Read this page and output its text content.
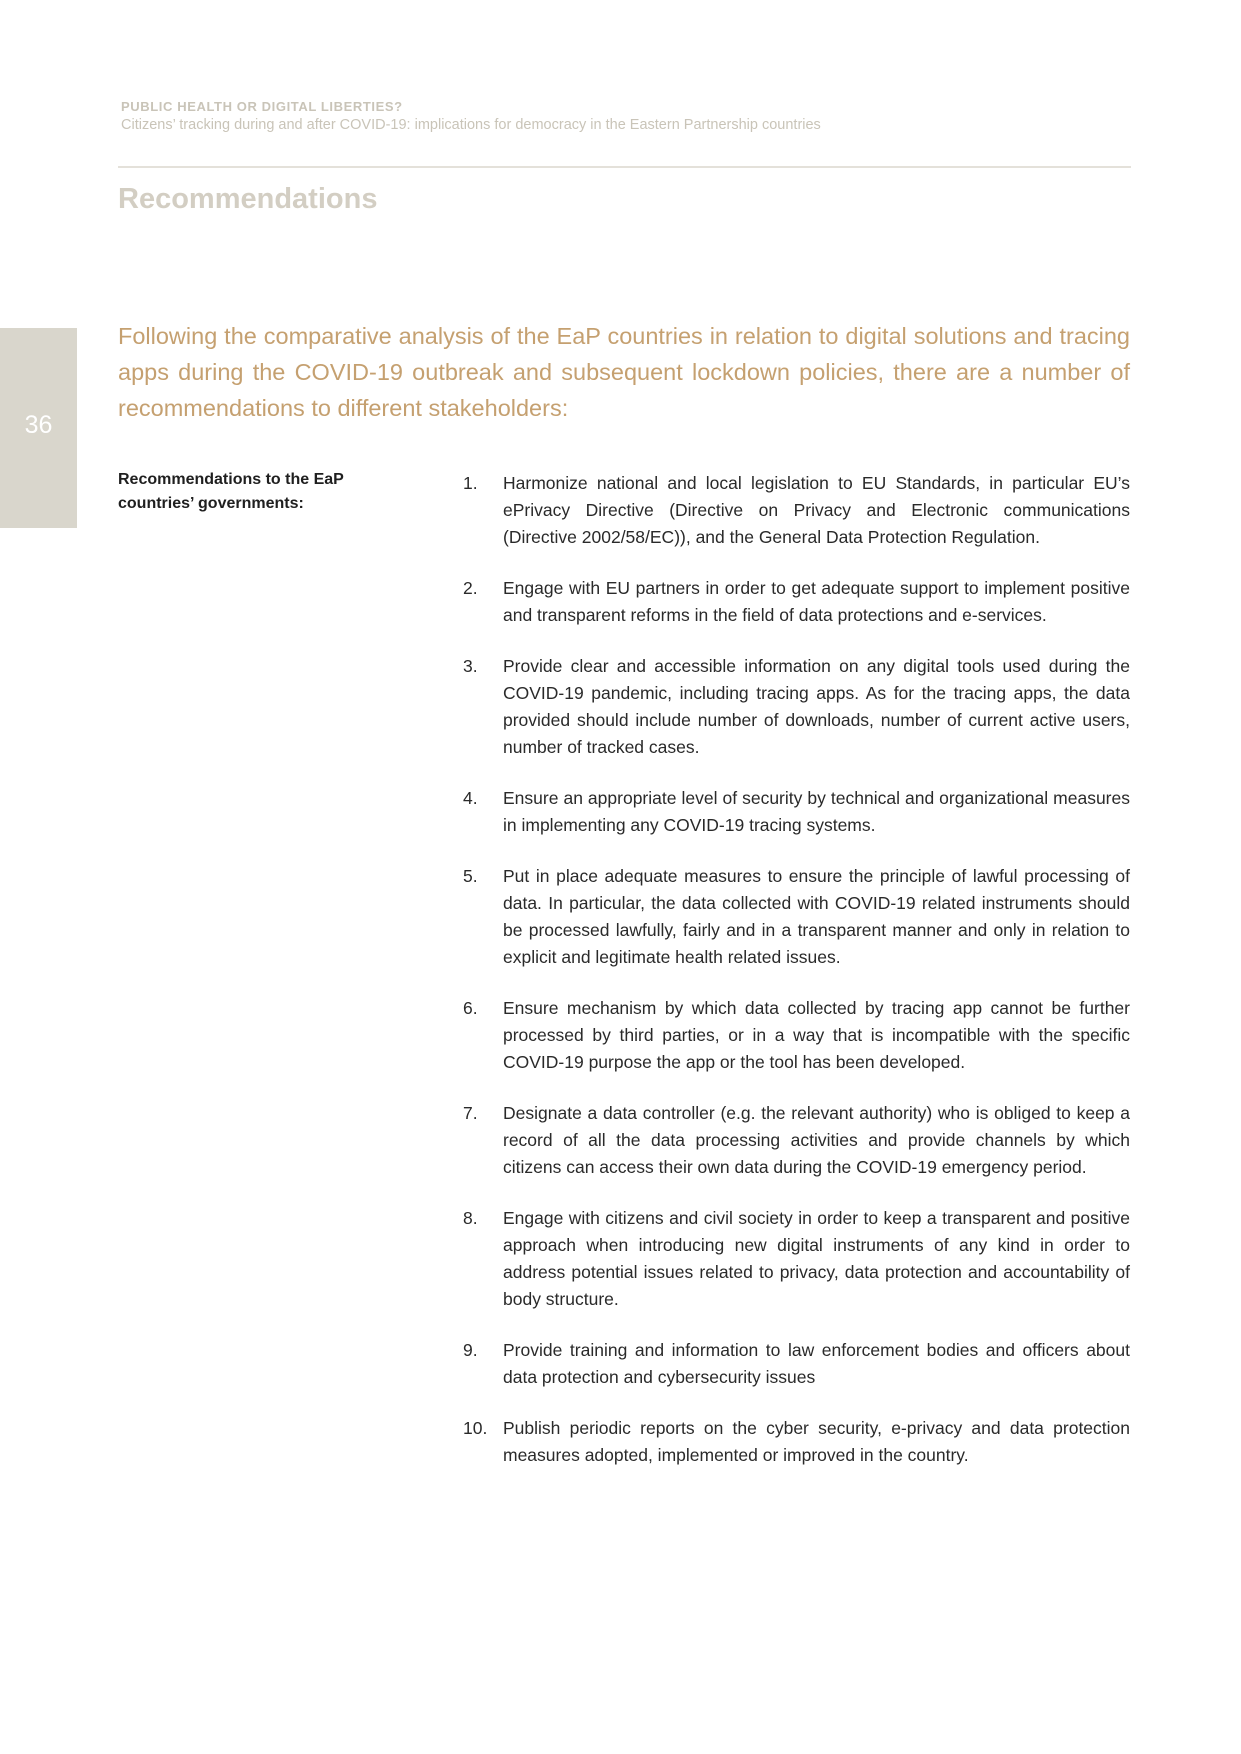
PUBLIC HEALTH OR DIGITAL LIBERTIES?
Citizens’ tracking during and after COVID-19: implications for democracy in the Eastern Partnership countries
Recommendations
36

Following the comparative analysis of the EaP countries in relation to digital solutions and tracing apps during the COVID-19 outbreak and subsequent lockdown policies, there are a number of recommendations to different stakeholders:

Recommendations to the EaP countries’ governments:
1.	Harmonize national and local legislation to EU Standards, in particular EU’s ePrivacy Directive (Directive on Privacy and Electronic communications (Directive 2002/58/EC)), and the General Data Protection Regulation.
2.	Engage with EU partners in order to get adequate support to implement positive and transparent reforms in the field of data protections and e-services.
3.	Provide clear and accessible information on any digital tools used during the COVID-19 pandemic, including tracing apps. As for the tracing apps, the data provided should include number of downloads, number of current active users, number of tracked cases.
4.	Ensure an appropriate level of security by technical and organizational measures in implementing any COVID-19 tracing systems.
5.	Put in place adequate measures to ensure the principle of lawful processing of data. In particular, the data collected with COVID-19 related instruments should be processed lawfully, fairly and in a transparent manner and only in relation to explicit and legitimate health related issues.
6.	Ensure mechanism by which data collected by tracing app cannot be further processed by third parties, or in a way that is incompatible with the specific COVID-19 purpose the app or the tool has been developed.
7.	Designate a data controller (e.g. the relevant authority) who is obliged to keep a record of all the data processing activities and provide channels by which citizens can access their own data during the COVID-19 emergency period.
8.	Engage with citizens and civil society in order to keep a transparent and positive approach when introducing new digital instruments of any kind in order to address potential issues related to privacy, data protection and accountability of body structure.
9.	Provide training and information to law enforcement bodies and officers about data protection and cybersecurity issues
10. Publish periodic reports on the cyber security, e-privacy and data protection measures adopted, implemented or improved in the country.
